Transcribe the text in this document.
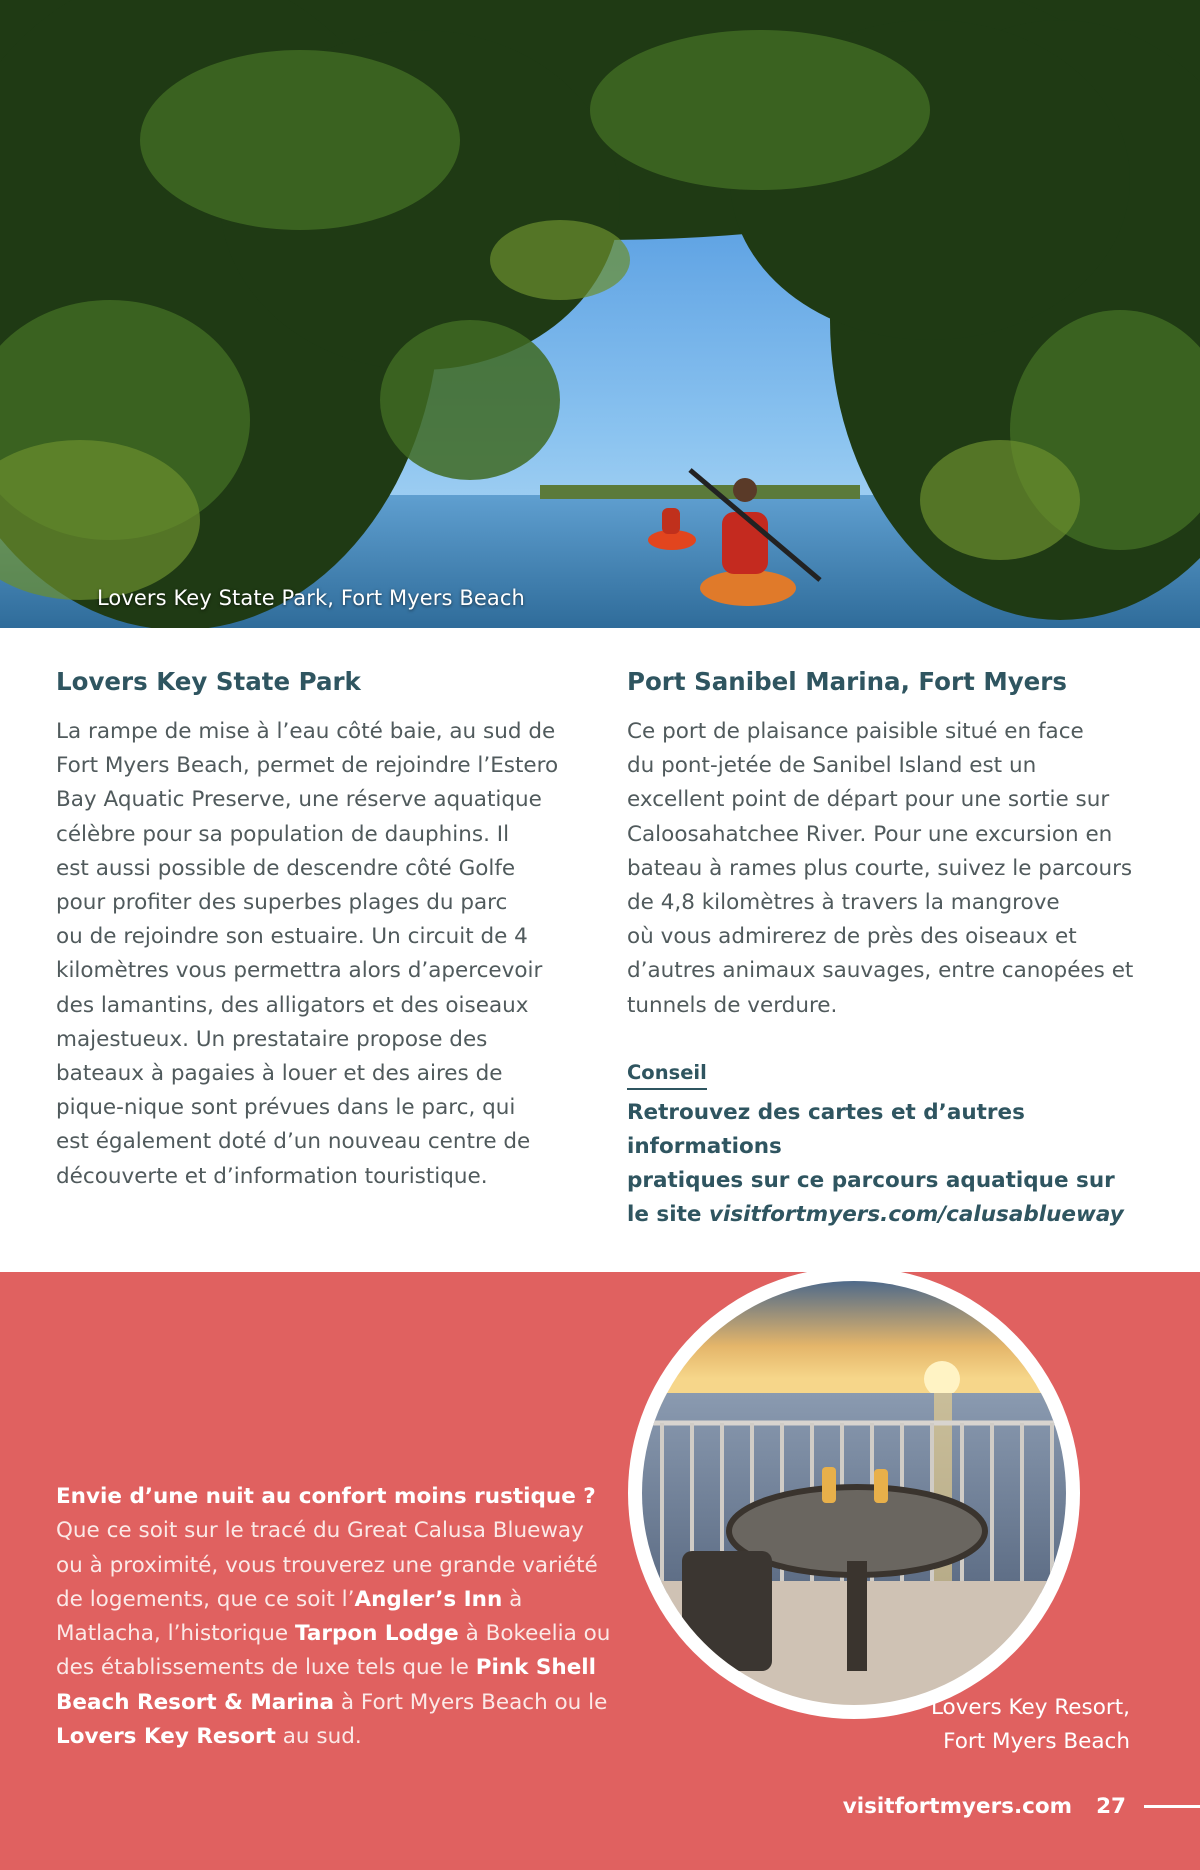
Lovers Key State Park, Fort Myers Beach
Lovers Key State Park

La rampe de mise à l’eau côté baie, au sud de
Fort Myers Beach, permet de rejoindre l’Estero
Bay Aquatic Preserve, une réserve aquatique
célèbre pour sa population de dauphins. Il
est aussi possible de descendre côté Golfe
pour profiter des superbes plages du parc
ou de rejoindre son estuaire. Un circuit de 4
kilomètres vous permettra alors d’apercevoir
des lamantins, des alligators et des oiseaux
majestueux. Un prestataire propose des
bateaux à pagaies à louer et des aires de
pique-nique sont prévues dans le parc, qui
est également doté d’un nouveau centre de
découverte et d’information touristique.

Port Sanibel Marina, Fort Myers

Ce port de plaisance paisible situé en face
du pont-jetée de Sanibel Island est un
excellent point de départ pour une sortie sur
Caloosahatchee River. Pour une excursion en
bateau à rames plus courte, suivez le parcours
de 4,8 kilomètres à travers la mangrove
où vous admirerez de près des oiseaux et
d’autres animaux sauvages, entre canopées et
tunnels de verdure.

Conseil

Retrouvez des cartes et d’autres informations
pratiques sur ce parcours aquatique sur
le site visitfortmyers.com/calusablueway

Envie d’une nuit au confort moins rustique ?
Que ce soit sur le tracé du Great Calusa Blueway ou à proximité, vous trouverez une grande variété de logements, que ce soit l’Angler’s Inn à Matlacha, l’historique Tarpon Lodge à Bokeelia ou des établissements de luxe tels que le Pink Shell Beach Resort & Marina à Fort Myers Beach ou le Lovers Key Resort au sud.
Lovers Key Resort,
Fort Myers Beach
visitfortmyers.com 27
